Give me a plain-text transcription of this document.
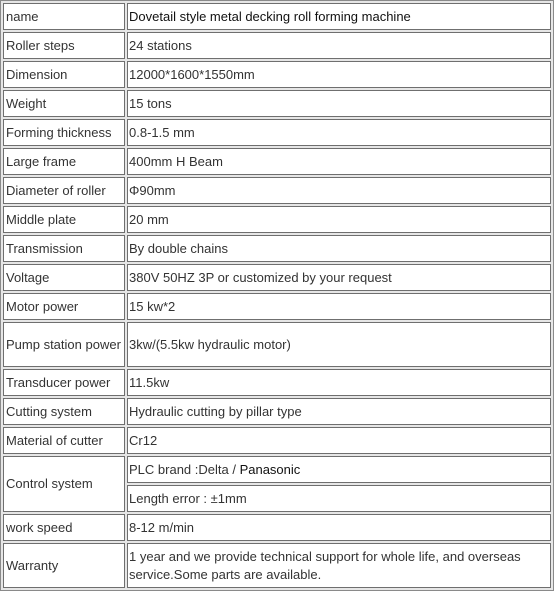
name	Dovetail style metal decking roll forming machine
Roller steps	24 stations
Dimension	12000*1600*1550mm
Weight	15 tons
Forming thickness	0.8-1.5 mm
Large frame	400mm H Beam
Diameter of roller	Φ90mm
Middle plate	20 mm
Transmission	By double chains
Voltage	380V 50HZ 3P or customized by your request
Motor power	15 kw*2
Pump station power	3kw/(5.5kw hydraulic motor)
Transducer power	11.5kw
Cutting system	Hydraulic cutting by pillar type
Material of cutter	Cr12
Control system	PLC brand :Delta / Panasonic
	Length error : ±1mm
work speed	8-12 m/min
Warranty	1 year and we provide technical support for whole life, and overseas service.Some parts are available.
